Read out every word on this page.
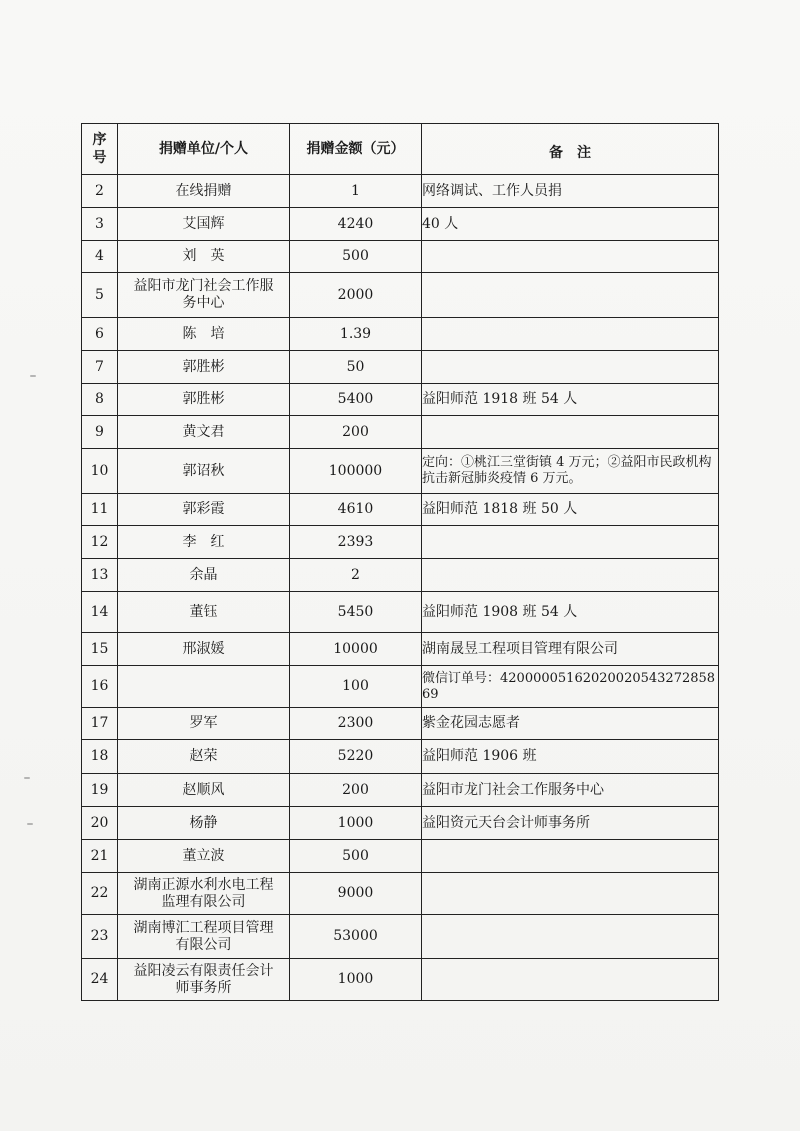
序
号	捐赠单位/个人	捐赠金额（元）	备　注
2	在线捐赠	1	网络调试、工作人员捐
3	艾国辉	4240	40 人
4	刘　英	500	
5	益阳市龙门社会工作服务中心	2000	
6	陈　培	1.39	
7	郭胜彬	50	
8	郭胜彬	5400	益阳师范 1918 班 54 人
9	黄文君	200	
10	郭诏秋	100000	定向：①桃江三堂街镇 4 万元；②益阳市民政机构抗击新冠肺炎疫情 6 万元。
11	郭彩霞	4610	益阳师范 1818 班 50 人
12	李　红	2393	
13	余晶	2	
14	董钰	5450	益阳师范 1908 班 54 人
15	邢淑媛	10000	湖南晟昱工程项目管理有限公司
16		100	微信订单号：4200000516202002054327285869
17	罗军	2300	紫金花园志愿者
18	赵荣	5220	益阳师范 1906 班
19	赵顺风	200	益阳市龙门社会工作服务中心
20	杨静	1000	益阳资元天台会计师事务所
21	董立波	500	
22	湖南正源水利水电工程监理有限公司	9000	
23	湖南博汇工程项目管理有限公司	53000	
24	益阳凌云有限责任会计师事务所	1000	
